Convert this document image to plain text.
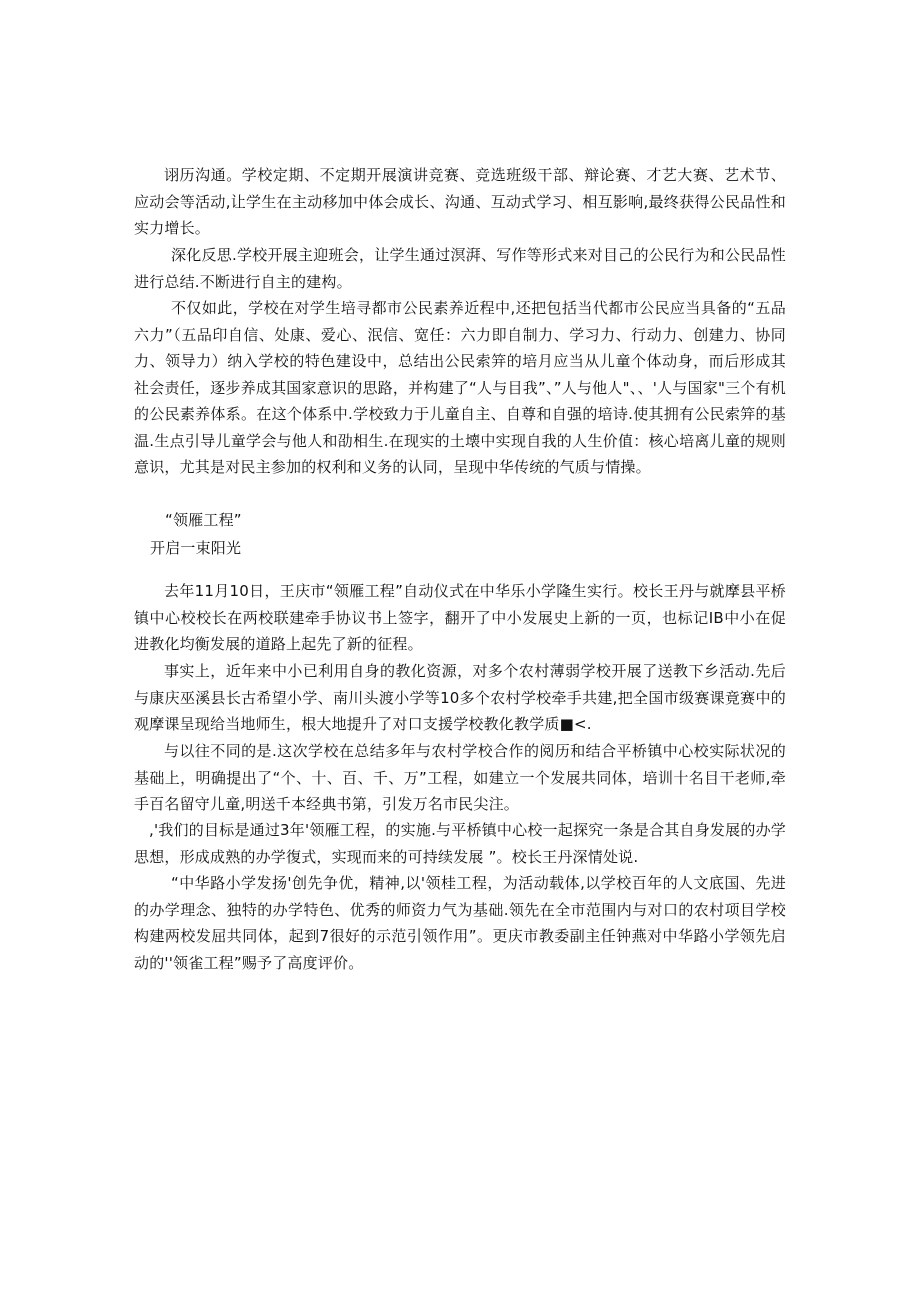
诩历沟通。学校定期、不定期开展演讲竞赛、竞选班级干部、辩论赛、才艺大赛、艺术节、应动会等活动,让学生在主动移加中体会成长、沟通、互动式学习、相互影响,最终获得公民品性和实力增长。

深化反思.学校开展主迎班会，让学生通过溟湃、写作等形式来对目己的公民行为和公民品性进行总结.不断进行自主的建构。

不仅如此，学校在对学生培寻都市公民素养近程中,还把包括当代都市公民应当具备的“五品六力”（五品印自信、处康、爱心、泯信、宽任：六力即自制力、学习力、行动力、创建力、协同力、领导力）纳入学校的特色建设中，总结出公民索笄的培月应当从儿童个体动身，而后形成其社会责任，逐步养成其国家意识的思路，并构建了“人与目我”、”人与他人"、、'人与国家"三个有机的公民素养体系。在这个体系中.学校致力于儿童自主、自尊和自强的培诗.使其拥有公民索笄的基温.生点引导儿童学会与他人和劭相生.在现实的土壊中实现自我的人生价值：核心培离儿童的规则意识，尤其是对民主参加的权利和义务的认同，呈现中华传统的气质与情操。

“领雁工程”

开启一束阳光

去年11月10日，王庆市“领雁工程”自动仪式在中华乐小学隆生实行。校长王丹与就摩县平桥镇中心校校长在两校联建牵手协议书上签字，翻开了中小发展史上新的一页，也标记IB中小在促进教化均衡发展的道路上起先了新的征程。

事实上，近年来中小已利用自身的教化资源，对多个农村薄弱学校开展了送教下乡活动.先后与康庆巫溪县长古希望小学、南川头渡小学等10多个农村学校牵手共建,把全国市级赛课竟赛中的观摩课呈现给当地师生，根大地提升了对口支援学校教化教学质■<.

与以往不同的是.这次学校在总结多年与农村学校合作的阅历和结合平桥镇中心校实际状况的基础上，明确提出了“个、十、百、千、万”工程，如建立一个发展共同体，培训十名目干老师,牵手百名留守儿童,明送千本经典书第，引发万名市民尖注。

,'我们的目标是通过3年'领雁工程，的实施.与平桥镇中心校一起探究一条是合其自身发展的办学思想，形成成熟的办学復式，实现而来的可持续发展 ”。校长王丹深情处说.

“中华路小学发扬'创先争优，精神,以'领桂工程，为活动载体,以学校百年的人文底国、先进的办学理念、独特的办学特色、优秀的师资力气为基础.领先在全市范围内与对口的农村项目学校构建两校发屈共同体，起到7很好的示范引领作用”。更庆市教委副主任钟燕对中华路小学领先启动的''领雀工程”赐予了高度评价。
